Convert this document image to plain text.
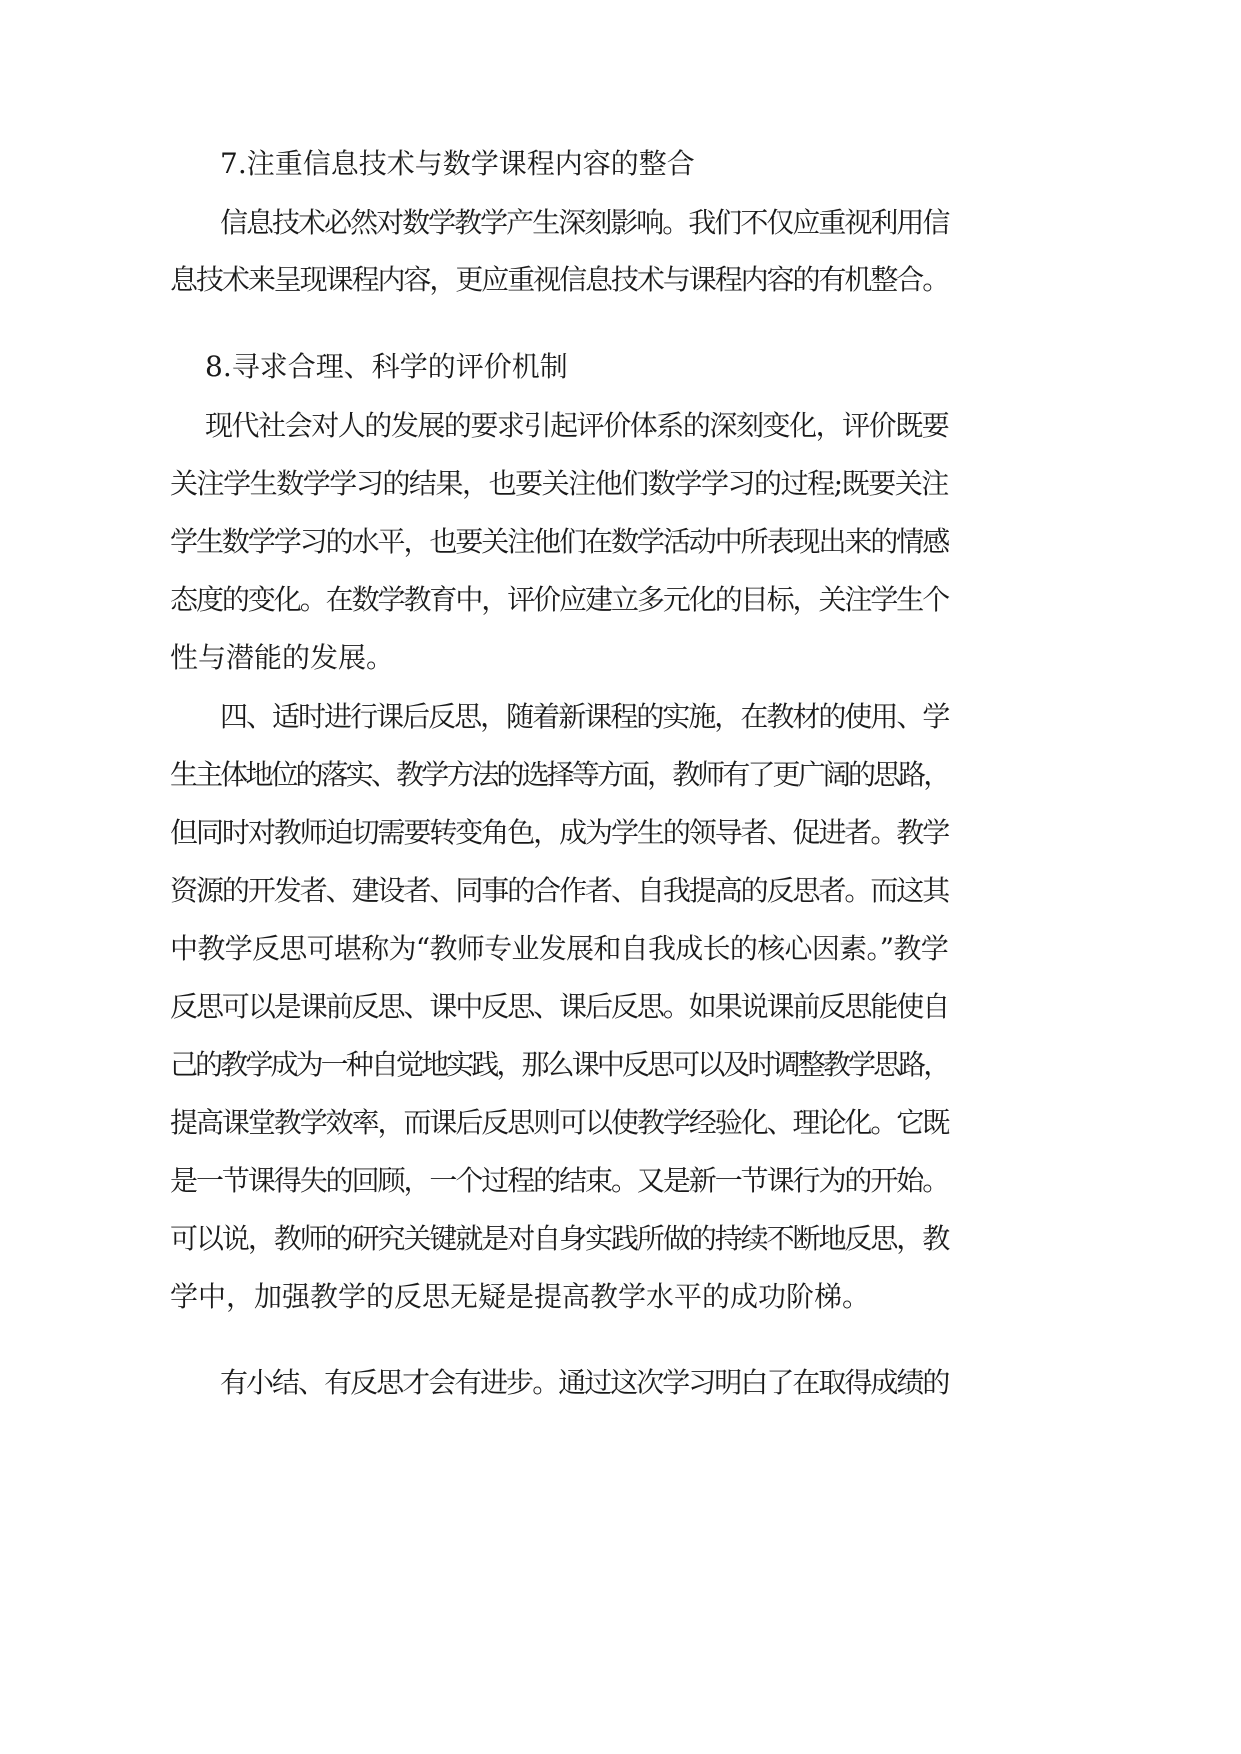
7.注重信息技术与数学课程内容的整合
信息技术必然对数学教学产生深刻影响。我们不仅应重视利用信
息技术来呈现课程内容，更应重视信息技术与课程内容的有机整合。
8.寻求合理、科学的评价机制
现代社会对人的发展的要求引起评价体系的深刻变化，评价既要
关注学生数学学习的结果，也要关注他们数学学习的过程;既要关注
学生数学学习的水平，也要关注他们在数学活动中所表现出来的情感
态度的变化。在数学教育中，评价应建立多元化的目标，关注学生个
性与潜能的发展。
四、适时进行课后反思，随着新课程的实施，在教材的使用、学
生主体地位的落实、教学方法的选择等方面，教师有了更广阔的思路，
但同时对教师迫切需要转变角色，成为学生的领导者、促进者。教学
资源的开发者、建设者、同事的合作者、自我提高的反思者。而这其
中教学反思可堪称为“教师专业发展和自我成长的核心因素。”教学
反思可以是课前反思、课中反思、课后反思。如果说课前反思能使自
己的教学成为一种自觉地实践，那么课中反思可以及时调整教学思路，
提高课堂教学效率，而课后反思则可以使教学经验化、理论化。它既
是一节课得失的回顾，一个过程的结束。又是新一节课行为的开始。
可以说，教师的研究关键就是对自身实践所做的持续不断地反思，教
学中，加强教学的反思无疑是提高教学水平的成功阶梯。
有小结、有反思才会有进步。通过这次学习明白了在取得成绩的
